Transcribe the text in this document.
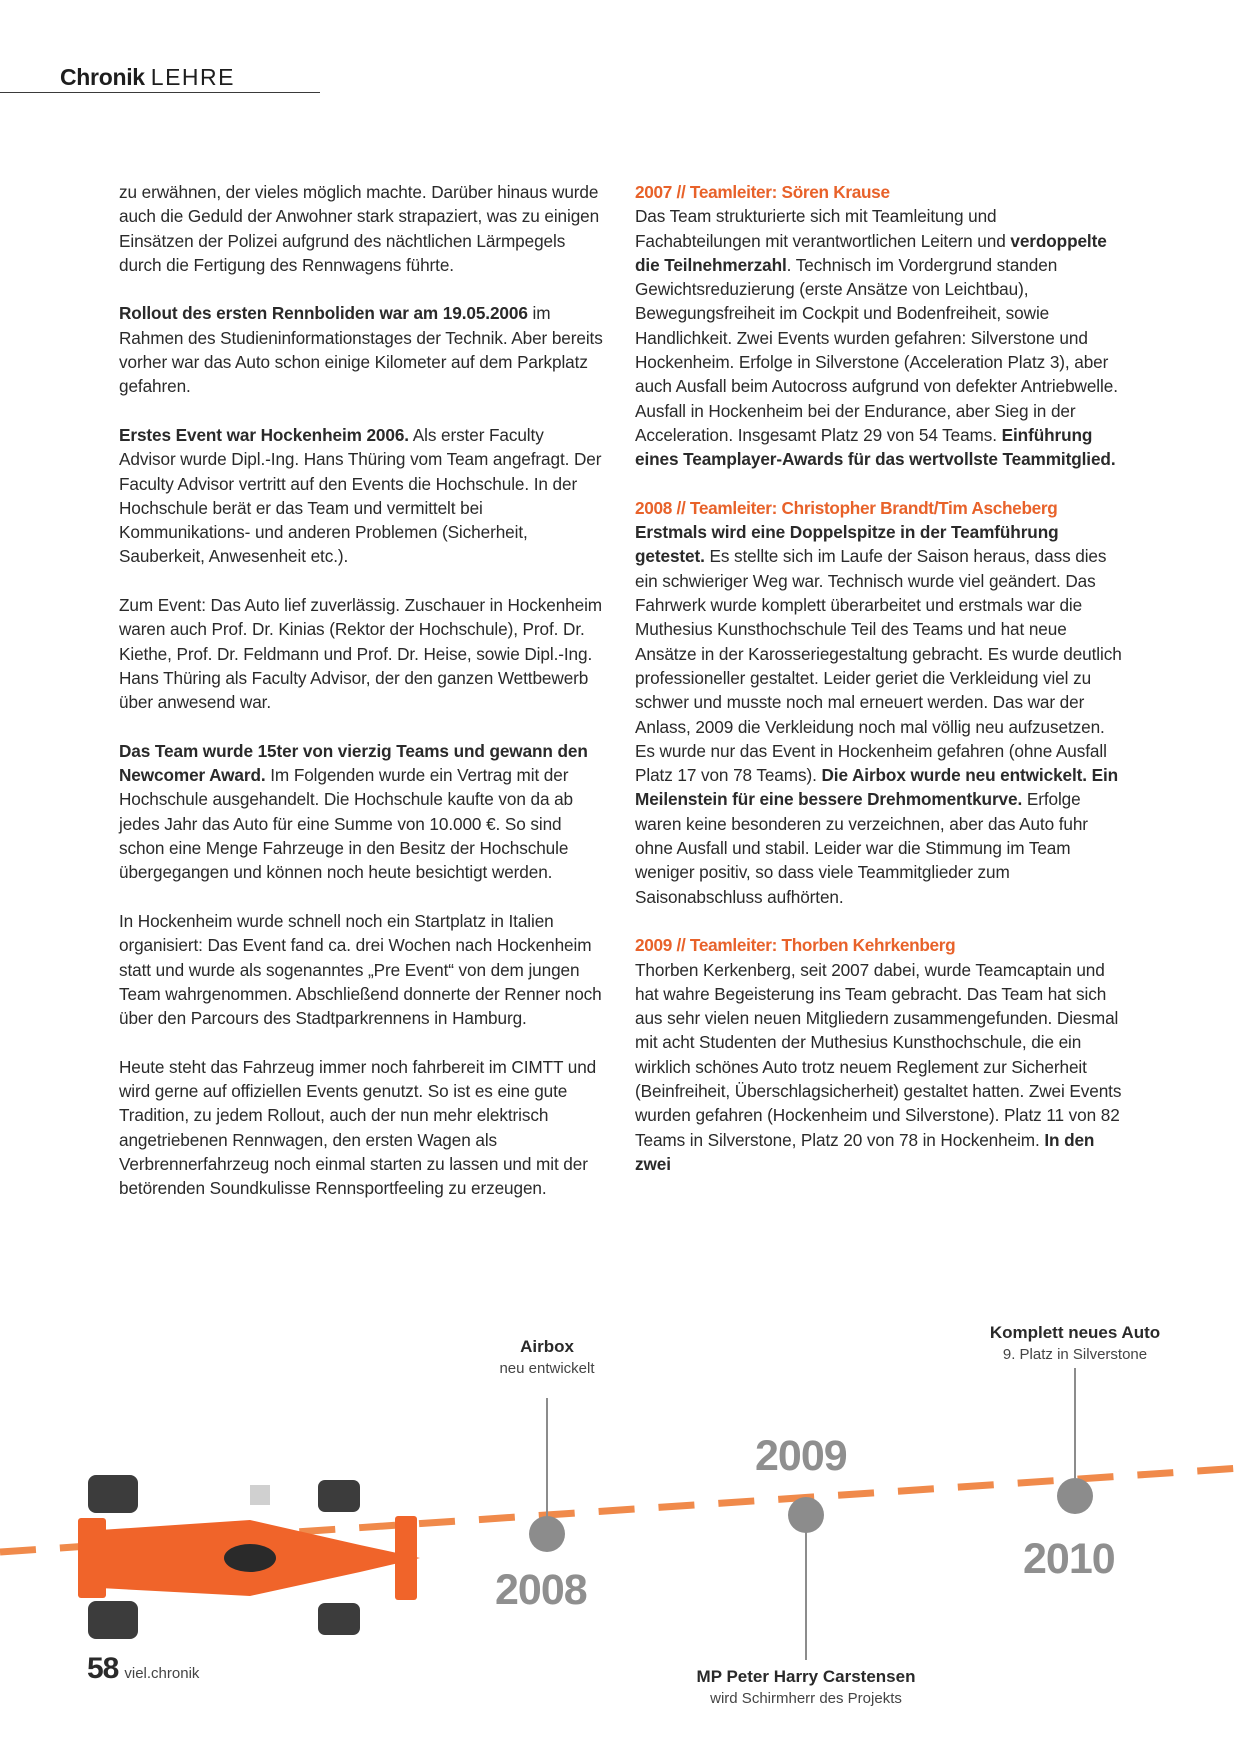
Chronik LEHRE

zu erwähnen, der vieles möglich machte. Darüber hinaus wurde auch die Geduld der Anwohner stark strapaziert, was zu einigen Einsätzen der Polizei aufgrund des nächtlichen Lärmpegels durch die Fertigung des Rennwagens führte.

Rollout des ersten Rennboliden war am 19.05.2006 im Rahmen des Studieninformationstages der Technik. Aber bereits vorher war das Auto schon einige Kilometer auf dem Parkplatz gefahren.

Erstes Event war Hockenheim 2006. Als erster Faculty Advisor wurde Dipl.-Ing. Hans Thüring vom Team angefragt. Der Faculty Advisor vertritt auf den Events die Hochschule. In der Hochschule berät er das Team und vermittelt bei Kommunikations- und anderen Problemen (Sicherheit, Sauberkeit, Anwesenheit etc.).

Zum Event: Das Auto lief zuverlässig. Zuschauer in Hockenheim waren auch Prof. Dr. Kinias (Rektor der Hochschule), Prof. Dr. Kiethe, Prof. Dr. Feldmann und Prof. Dr. Heise, sowie Dipl.-Ing. Hans Thüring als Faculty Advisor, der den ganzen Wettbewerb über anwesend war.

Das Team wurde 15ter von vierzig Teams und gewann den Newcomer Award. Im Folgenden wurde ein Vertrag mit der Hochschule ausgehandelt. Die Hochschule kaufte von da ab jedes Jahr das Auto für eine Summe von 10.000 €. So sind schon eine Menge Fahrzeuge in den Besitz der Hochschule übergegangen und können noch heute besichtigt werden.

In Hockenheim wurde schnell noch ein Startplatz in Italien organisiert: Das Event fand ca. drei Wochen nach Hockenheim statt und wurde als sogenanntes „Pre Event“ von dem jungen Team wahrgenommen. Abschließend donnerte der Renner noch über den Parcours des Stadtparkrennens in Hamburg.

Heute steht das Fahrzeug immer noch fahrbereit im CIMTT und wird gerne auf offiziellen Events genutzt. So ist es eine gute Tradition, zu jedem Rollout, auch der nun mehr elektrisch angetriebenen Rennwagen, den ersten Wagen als Verbrennerfahrzeug noch einmal starten zu lassen und mit der betörenden Soundkulisse Rennsportfeeling zu erzeugen.

2007 // Teamleiter: Sören Krause

Das Team strukturierte sich mit Teamleitung und Fachabteilungen mit verantwortlichen Leitern und verdoppelte die Teilnehmerzahl. Technisch im Vordergrund standen Gewichtsreduzierung (erste Ansätze von Leichtbau), Bewegungsfreiheit im Cockpit und Bodenfreiheit, sowie Handlichkeit. Zwei Events wurden gefahren: Silverstone und Hockenheim. Erfolge in Silverstone (Acceleration Platz 3), aber auch Ausfall beim Autocross aufgrund von defekter Antriebwelle. Ausfall in Hockenheim bei der Endurance, aber Sieg in der Acceleration. Insgesamt Platz 29 von 54 Teams. Einführung eines Teamplayer-Awards für das wertvollste Teammitglied.

2008 // Teamleiter: Christopher Brandt/Tim Ascheberg

Erstmals wird eine Doppelspitze in der Teamführung getestet. Es stellte sich im Laufe der Saison heraus, dass dies ein schwieriger Weg war. Technisch wurde viel geändert. Das Fahrwerk wurde komplett überarbeitet und erstmals war die Muthesius Kunsthochschule Teil des Teams und hat neue Ansätze in der Karosseriegestaltung gebracht. Es wurde deutlich professioneller gestaltet. Leider geriet die Verkleidung viel zu schwer und musste noch mal erneuert werden. Das war der Anlass, 2009 die Verkleidung noch mal völlig neu aufzusetzen. Es wurde nur das Event in Hockenheim gefahren (ohne Ausfall Platz 17 von 78 Teams). Die Airbox wurde neu entwickelt. Ein Meilenstein für eine bessere Drehmomentkurve. Erfolge waren keine besonderen zu verzeichnen, aber das Auto fuhr ohne Ausfall und stabil. Leider war die Stimmung im Team weniger positiv, so dass viele Teammitglieder zum Saisonabschluss aufhörten.

2009 // Teamleiter: Thorben Kehrkenberg

Thorben Kerkenberg, seit 2007 dabei, wurde Teamcaptain und hat wahre Begeisterung ins Team gebracht. Das Team hat sich aus sehr vielen neuen Mitgliedern zusammengefunden. Diesmal mit acht Studenten der Muthesius Kunsthochschule, die ein wirklich schönes Auto trotz neuem Reglement zur Sicherheit (Beinfreiheit, Überschlagsicherheit) gestaltet hatten. Zwei Events wurden gefahren (Hockenheim und Silverstone). Platz 11 von 82 Teams in Silverstone, Platz 20 von 78 in Hockenheim. In den zwei

Airbox
neu entwickelt
Komplett neues Auto
9. Platz in Silverstone
MP Peter Harry Carstensen
wird Schirmherr des Projekts
2008
2009
2010
58 viel.chronik
